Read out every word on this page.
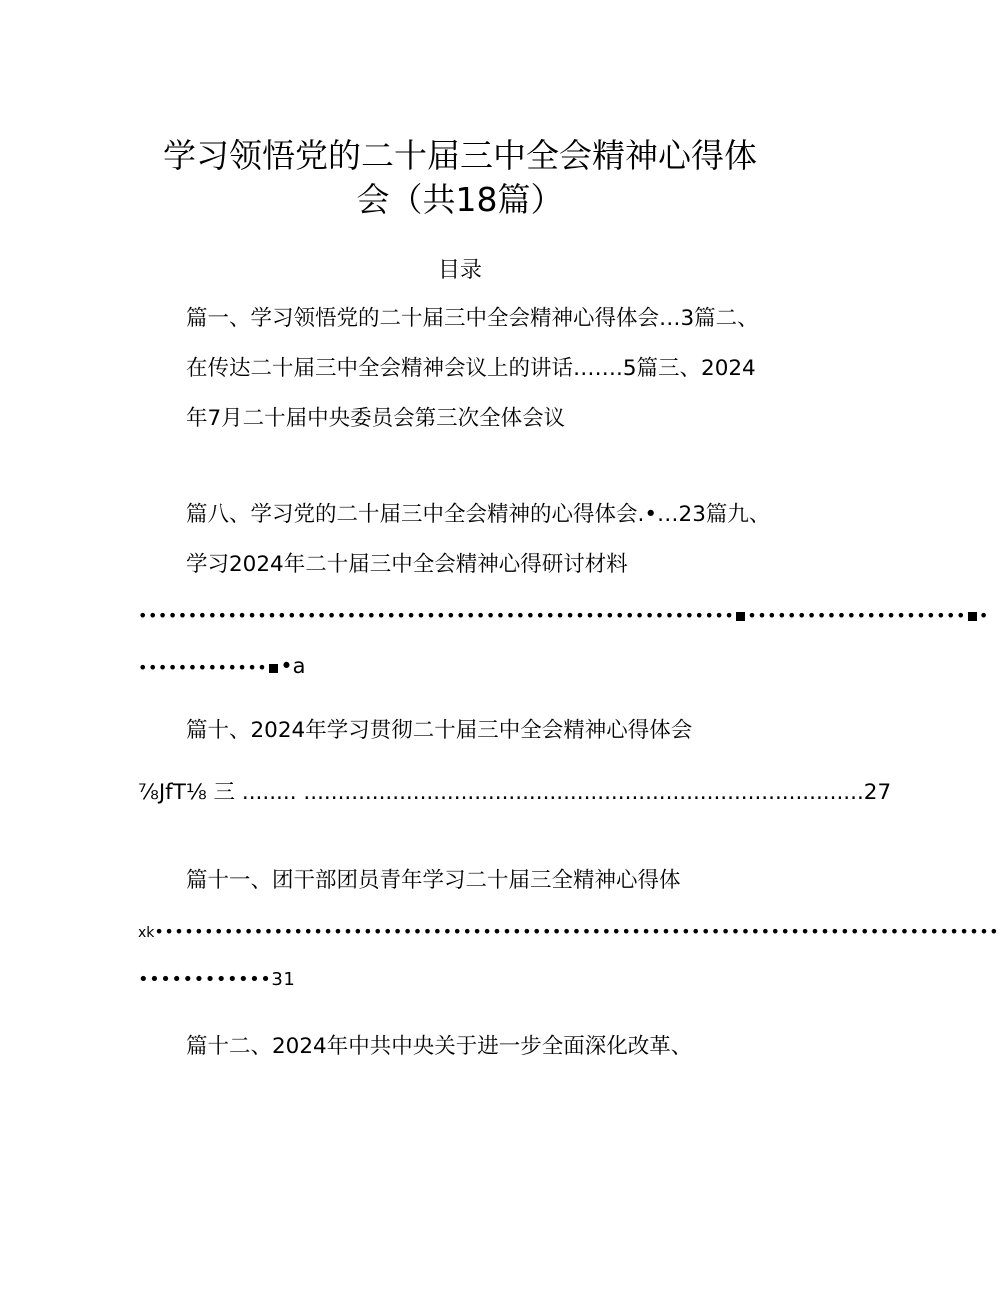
学习领悟党的二十届三中全会精神心得体
会（共18篇）
目录
篇一、学习领悟党的二十届三中全会精神心得体会…3篇二、
在传达二十届三中全会精神会议上的讲话…….5篇三、2024
年7月二十届中央委员会第三次全体会议
篇八、学习党的二十届三中全会精神的心得体会.•…23篇九、
学习2024年二十届三中全会精神心得研讨材料
•••••••••••••••••••••••••••••••••••••••••••••••••••••••••••• •••••••••••••••••••••• •
••••••••••••• •a
篇十、2024年学习贯彻二十届三中全会精神心得体会
⅞JfT⅛ 三 ........ ..................................................................................27
篇十一、团干部团员青年学习二十届三全精神心得体
xk•••••••••••••••••••••••••••••••••••••••••••••••••••••••••••••••••••••••••••••••••••••
••••••••••••31
篇十二、2024年中共中央关于进一步全面深化改革、
